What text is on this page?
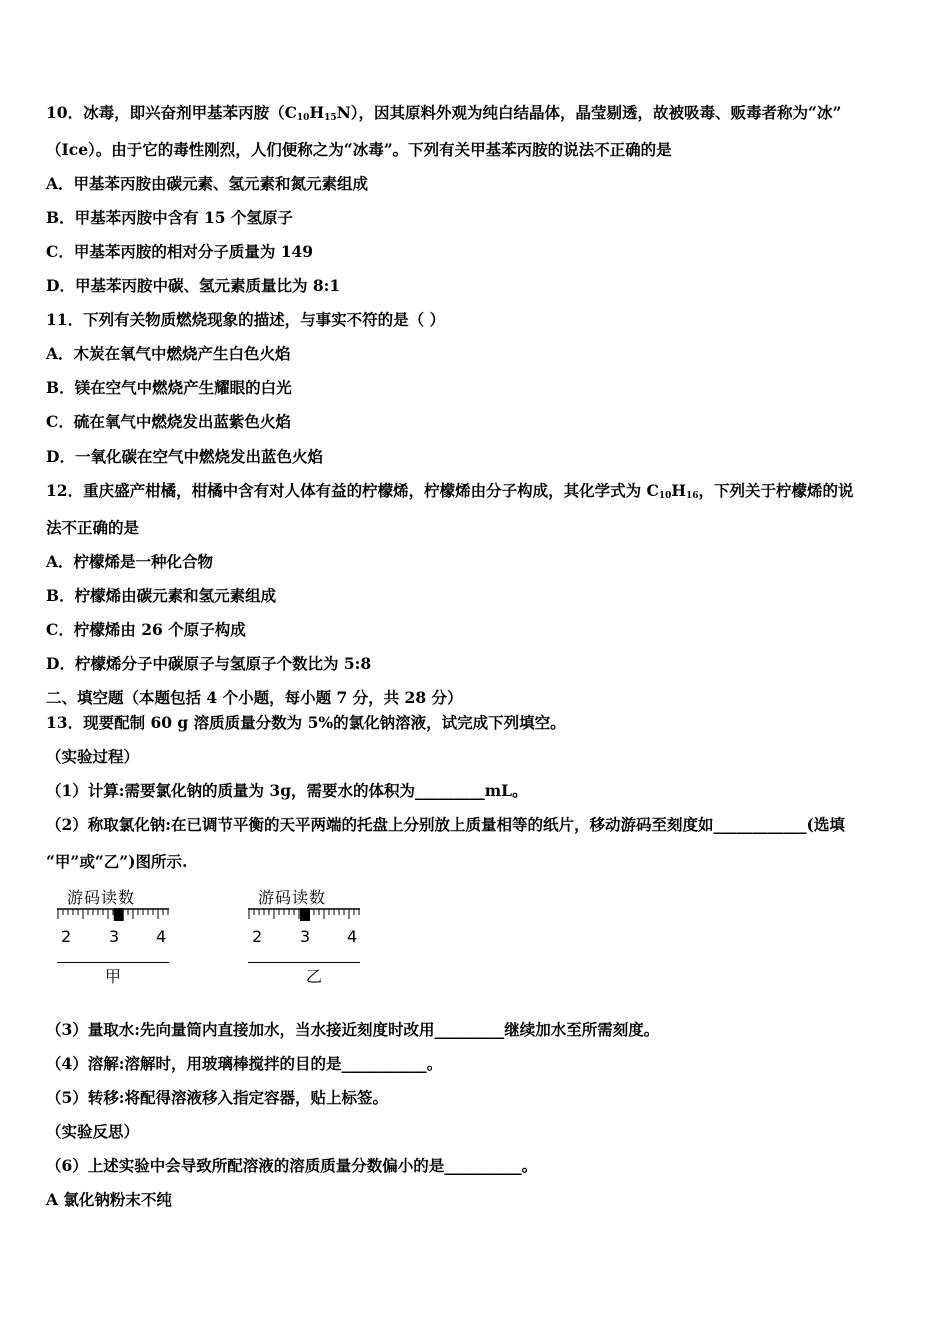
10．冰毒，即兴奋剂甲基苯丙胺$(C_{10}H_{15}N)$，因其原料外观为纯白结晶体，晶莹剔透，故被吸毒、贩毒者称为“冰”
（Ice）。由于它的毒性刚烈，人们便称之为“冰毒”。下列有关甲基苯丙胺的说法不正确的是
A．甲基苯丙胺由碳元素、氢元素和氮元素组成
B．甲基苯丙胺中含有 15 个氢原子
C．甲基苯丙胺的相对分子质量为 149
D．甲基苯丙胺中碳、氢元素质量比为 8:1
11．下列有关物质燃烧现象的描述，与事实不符的是（ ）
A．木炭在氧气中燃烧产生白色火焰
B．镁在空气中燃烧产生耀眼的白光
C．硫在氧气中燃烧发出蓝紫色火焰
D．一氧化碳在空气中燃烧发出蓝色火焰
12．重庆盛产柑橘，柑橘中含有对人体有益的柠檬烯，柠檬烯由分子构成，其化学式为 $C_{10}H_{16}$，下列关于柠檬烯的说
法不正确的是
A．柠檬烯是一种化合物
B．柠檬烯由碳元素和氢元素组成
C．柠檬烯由 26 个原子构成
D．柠檬烯分子中碳原子与氢原子个数比为 5:8
二、填空题（本题包括 4 个小题，每小题 7 分，共 28 分）
13．现要配制 60 g 溶质质量分数为 5%的氯化钠溶液，试完成下列填空。
（实验过程）
（1）计算:需要氯化钠的质量为 3g，需要水的体积为_________mL。
（2）称取氯化钠:在已调节平衡的天平两端的托盘上分别放上质量相等的纸片，移动游码至刻度如____________(选填
“甲”或“乙”)图所示.
游码读数
2 3 4
甲
游码读数
2 3 4
乙
（3）量取水:先向量筒内直接加水，当水接近刻度时改用_________继续加水至所需刻度。
（4）溶解:溶解时，用玻璃棒搅拌的目的是___________。
（5）转移:将配得溶液移入指定容器，贴上标签。
（实验反思）
（6）上述实验中会导致所配溶液的溶质质量分数偏小的是__________。
A 氯化钠粉末不纯
